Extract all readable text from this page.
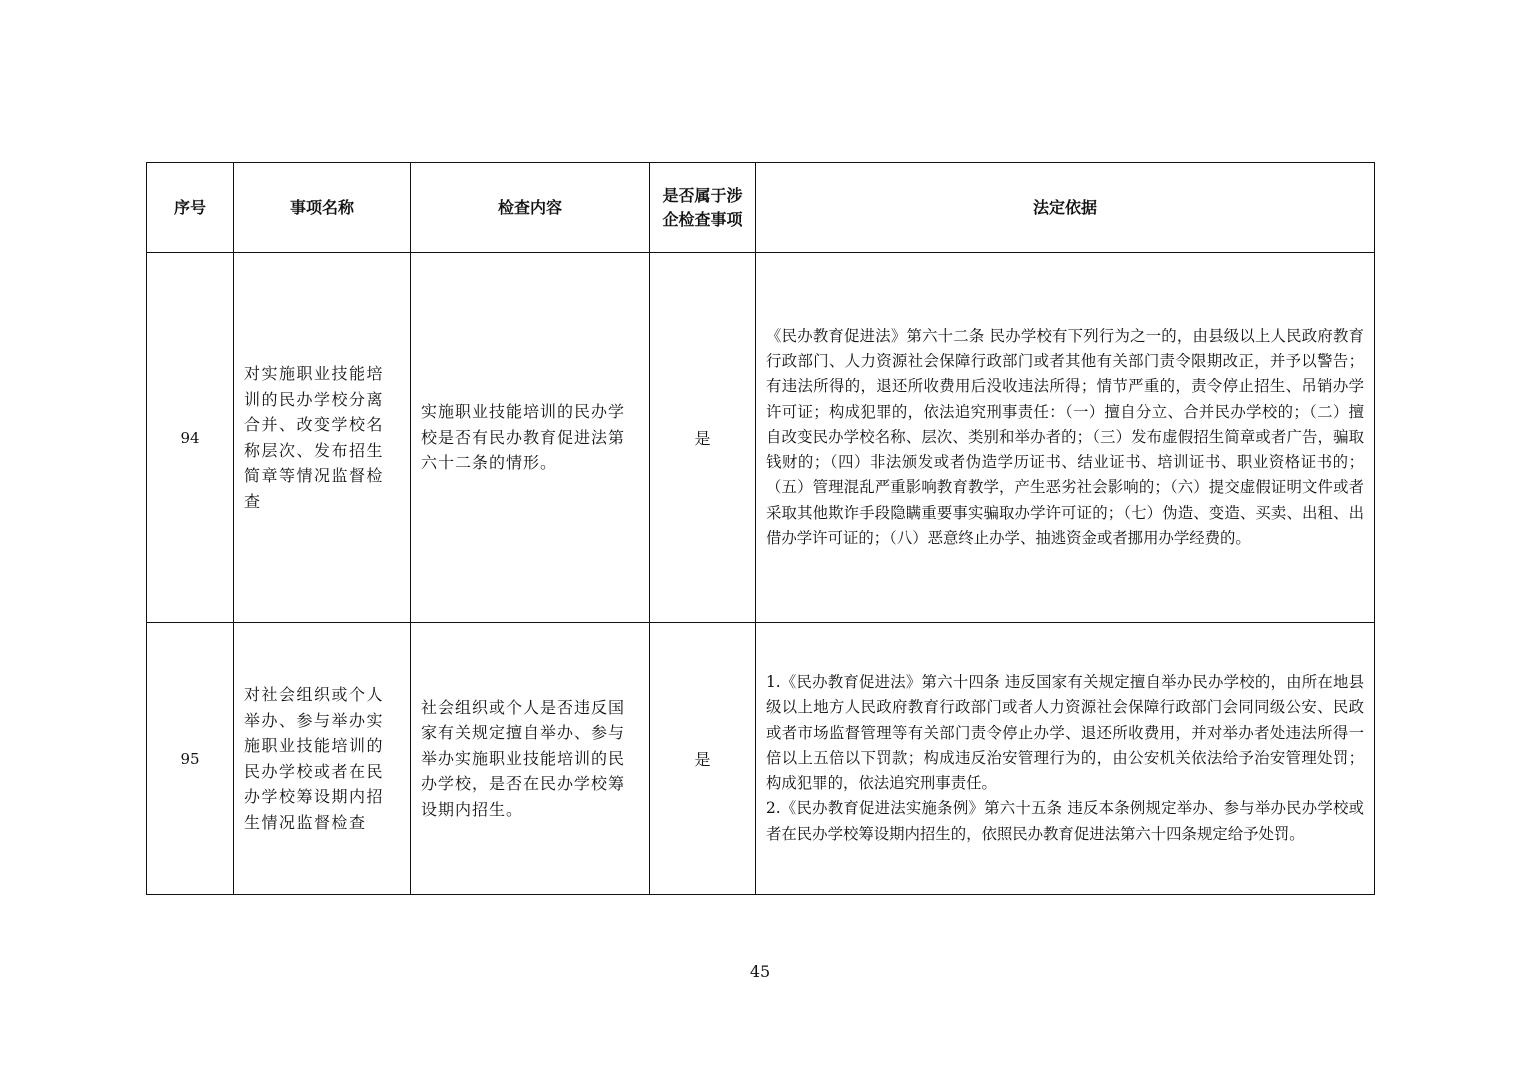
序号	事项名称	检查内容	是否属于涉企检查事项	法定依据
94	对实施职业技能培训的民办学校分离合并、改变学校名称层次、发布招生简章等情况监督检查	实施职业技能培训的民办学校是否有民办教育促进法第六十二条的情形。	是	《民办教育促进法》第六十二条 民办学校有下列行为之一的，由县级以上人民政府教育行政部门、人力资源社会保障行政部门或者其他有关部门责令限期改正，并予以警告；有违法所得的，退还所收费用后没收违法所得；情节严重的，责令停止招生、吊销办学许可证；构成犯罪的，依法追究刑事责任：（一）擅自分立、合并民办学校的；（二）擅自改变民办学校名称、层次、类别和举办者的；（三）发布虚假招生简章或者广告，骗取钱财的；（四）非法颁发或者伪造学历证书、结业证书、培训证书、职业资格证书的；（五）管理混乱严重影响教育教学，产生恶劣社会影响的；（六）提交虚假证明文件或者采取其他欺诈手段隐瞒重要事实骗取办学许可证的；（七）伪造、变造、买卖、出租、出借办学许可证的；（八）恶意终止办学、抽逃资金或者挪用办学经费的。

95	对社会组织或个人举办、参与举办实施职业技能培训的民办学校或者在民办学校筹设期内招生情况监督检查	社会组织或个人是否违反国家有关规定擅自举办、参与举办实施职业技能培训的民办学校，是否在民办学校筹设期内招生。	是	1.《民办教育促进法》第六十四条 违反国家有关规定擅自举办民办学校的，由所在地县级以上地方人民政府教育行政部门或者人力资源社会保障行政部门会同同级公安、民政或者市场监督管理等有关部门责令停止办学、退还所收费用，并对举办者处违法所得一倍以上五倍以下罚款；构成违反治安管理行为的，由公安机关依法给予治安管理处罚；构成犯罪的，依法追究刑事责任。

2.《民办教育促进法实施条例》第六十五条 违反本条例规定举办、参与举办民办学校或者在民办学校筹设期内招生的，依照民办教育促进法第六十四条规定给予处罚。

45
